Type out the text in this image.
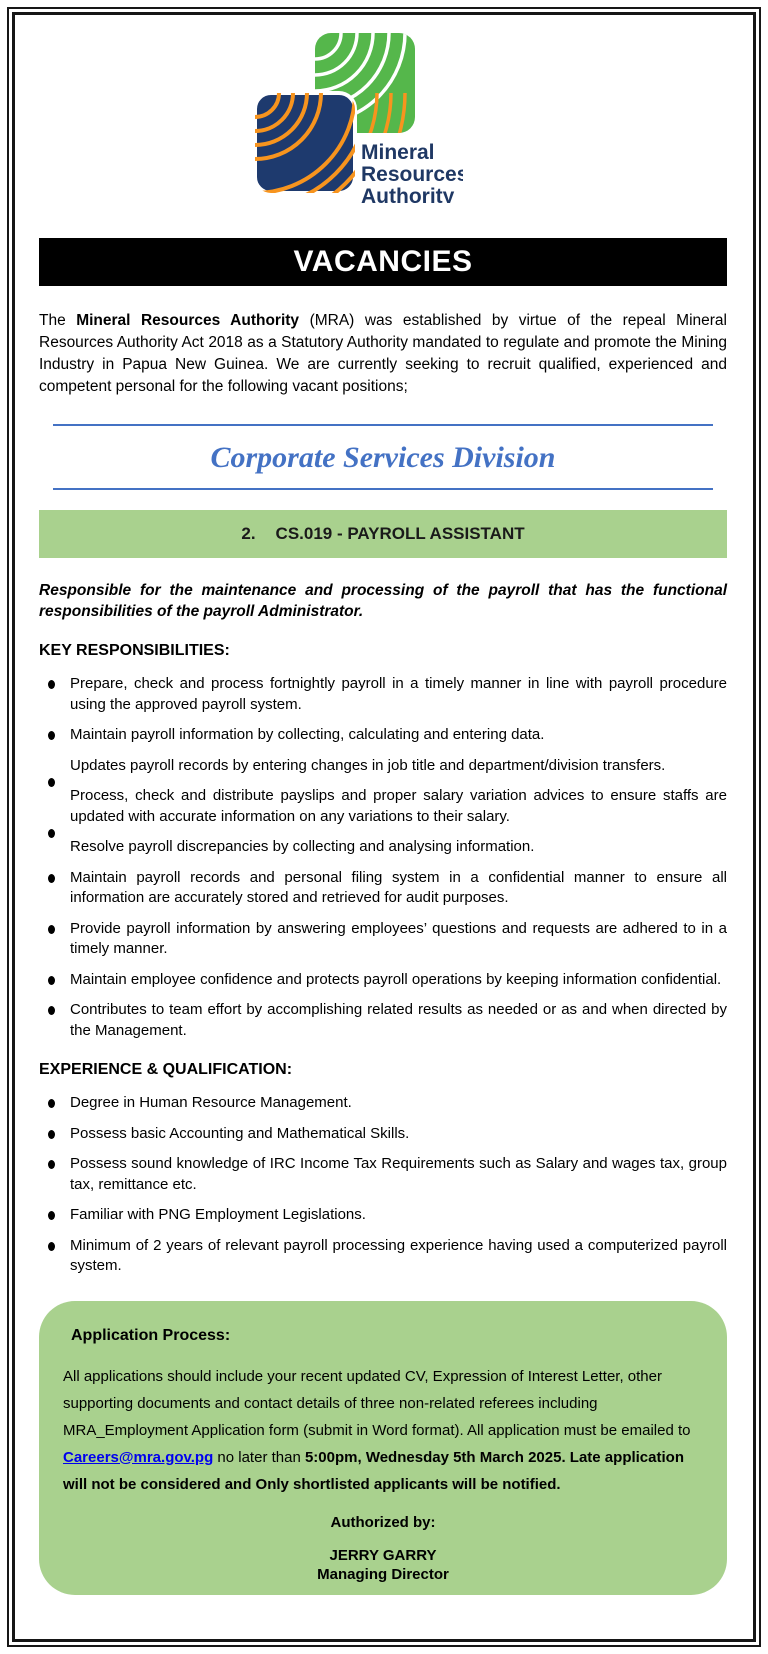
Mineral
Resources
Authority
VACANCIES

The Mineral Resources Authority (MRA) was established by virtue of the repeal Mineral Resources Authority Act 2018 as a Statutory Authority mandated to regulate and promote the Mining Industry in Papua New Guinea. We are currently seeking to recruit qualified, experienced and competent personal for the following vacant positions;

Corporate Services Division
2. CS.019 - PAYROLL ASSISTANT

Responsible for the maintenance and processing of the payroll that has the functional responsibilities of the payroll Administrator.

KEY RESPONSIBILITIES:
Prepare, check and process fortnightly payroll in a timely manner in line with payroll procedure using the approved payroll system.
Maintain payroll information by collecting, calculating and entering data.
Updates payroll records by entering changes in job title and department/division transfers.
Process, check and distribute payslips and proper salary variation advices to ensure staffs are updated with accurate information on any variations to their salary.
Resolve payroll discrepancies by collecting and analysing information.
Maintain payroll records and personal filing system in a confidential manner to ensure all information are accurately stored and retrieved for audit purposes.
Provide payroll information by answering employees’ questions and requests are adhered to in a timely manner.
Maintain employee confidence and protects payroll operations by keeping information confidential.
Contributes to team effort by accomplishing related results as needed or as and when directed by the Management.
EXPERIENCE & QUALIFICATION:
Degree in Human Resource Management.
Possess basic Accounting and Mathematical Skills.
Possess sound knowledge of IRC Income Tax Requirements such as Salary and wages tax, group tax, remittance etc.
Familiar with PNG Employment Legislations.
Minimum of 2 years of relevant payroll processing experience having used a computerized payroll system.
Application Process:

All applications should include your recent updated CV, Expression of Interest Letter, other supporting documents and contact details of three non-related referees including MRA_Employment Application form (submit in Word format). All application must be emailed to Careers@mra.gov.pg no later than 5:00pm, Wednesday 5th March 2025. Late application will not be considered and Only shortlisted applicants will be notified.

Authorized by:
JERRY GARRY
Managing Director
